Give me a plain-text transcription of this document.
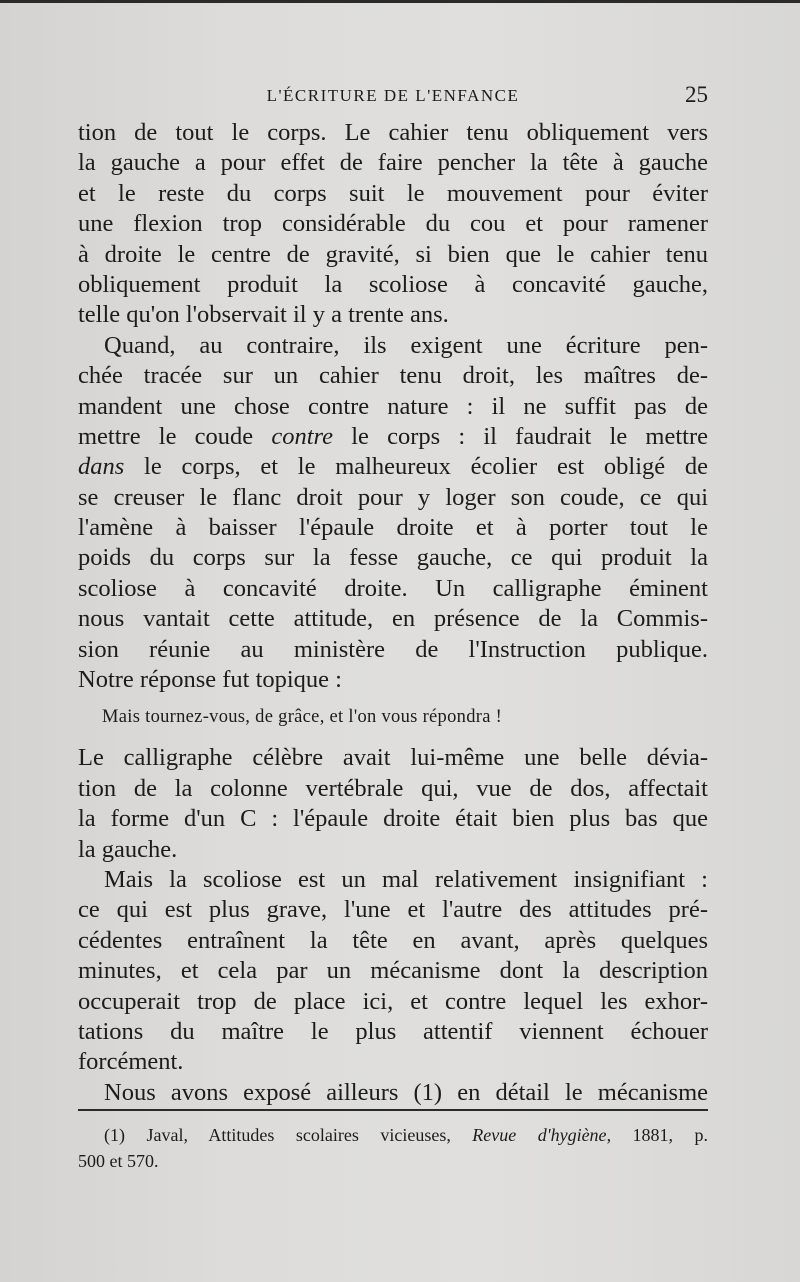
L'ÉCRITURE DE L'ENFANCE	25
tion de tout le corps. Le cahier tenu obliquement vers
la gauche a pour effet de faire pencher la tête à gauche
et le reste du corps suit le mouvement pour éviter
une flexion trop considérable du cou et pour ramener
à droite le centre de gravité, si bien que le cahier tenu
obliquement produit la scoliose à concavité gauche,
telle qu'on l'observait il y a trente ans.
Quand, au contraire, ils exigent une écriture pen-
chée tracée sur un cahier tenu droit, les maîtres de-
mandent une chose contre nature : il ne suffit pas de
mettre le coude contre le corps : il faudrait le mettre
dans le corps, et le malheureux écolier est obligé de
se creuser le flanc droit pour y loger son coude, ce qui
l'amène à baisser l'épaule droite et à porter tout le
poids du corps sur la fesse gauche, ce qui produit la
scoliose à concavité droite. Un calligraphe éminent
nous vantait cette attitude, en présence de la Commis-
sion réunie au ministère de l'Instruction publique.
Notre réponse fut topique :
Mais tournez-vous, de grâce, et l'on vous répondra !
Le calligraphe célèbre avait lui-même une belle dévia-
tion de la colonne vertébrale qui, vue de dos, affectait
la forme d'un C : l'épaule droite était bien plus bas que
la gauche.
Mais la scoliose est un mal relativement insignifiant :
ce qui est plus grave, l'une et l'autre des attitudes pré-
cédentes entraînent la tête en avant, après quelques
minutes, et cela par un mécanisme dont la description
occuperait trop de place ici, et contre lequel les exhor-
tations du maître le plus attentif viennent échouer
forcément.
Nous avons exposé ailleurs (1) en détail le mécanisme
(1) Javal, Attitudes scolaires vicieuses, Revue d'hygiène, 1881, p.
500 et 570.
